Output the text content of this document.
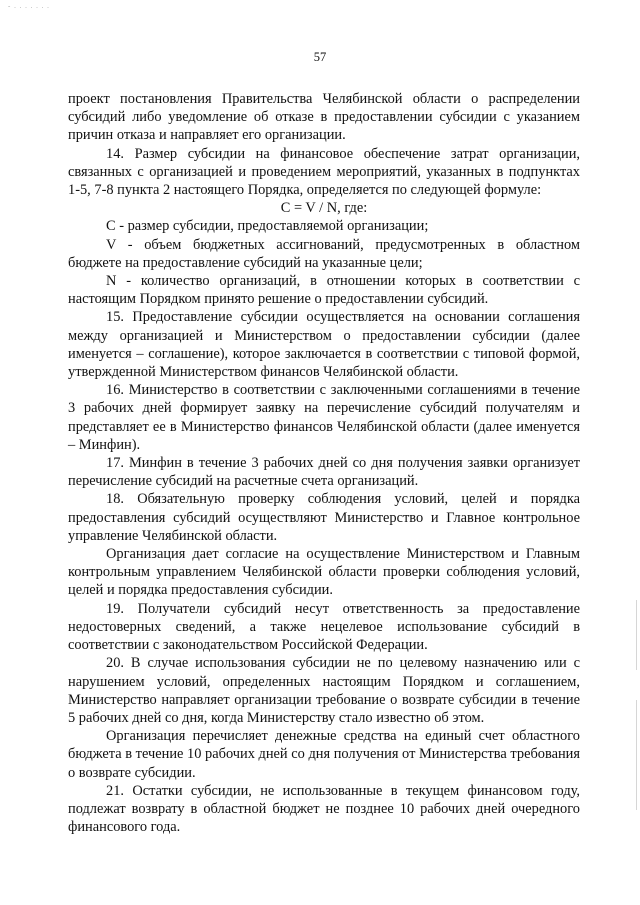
- . . . . . . .
57

проект постановления Правительства Челябинской области о распределении субсидий либо уведомление об отказе в предоставлении субсидии с указанием причин отказа и направляет его организации.

14. Размер субсидии на финансовое обеспечение затрат организации, связанных с организацией и проведением мероприятий, указанных в подпунктах 1-5, 7-8 пункта 2 настоящего Порядка, определяется по следующей формуле:

C = V / N, где:

C - размер субсидии, предоставляемой организации;

V - объем бюджетных ассигнований, предусмотренных в областном бюджете на предоставление субсидий на указанные цели;

N - количество организаций, в отношении которых в соответствии с настоящим Порядком принято решение о предоставлении субсидий.

15. Предоставление субсидии осуществляется на основании соглашения между организацией и Министерством о предоставлении субсидии (далее именуется – соглашение), которое заключается в соответствии с типовой формой, утвержденной Министерством финансов Челябинской области.

16. Министерство в соответствии с заключенными соглашениями в течение 3 рабочих дней формирует заявку на перечисление субсидий получателям и представляет ее в Министерство финансов Челябинской области (далее именуется – Минфин).

17. Минфин в течение 3 рабочих дней со дня получения заявки организует перечисление субсидий на расчетные счета организаций.

18. Обязательную проверку соблюдения условий, целей и порядка предоставления субсидий осуществляют Министерство и Главное контрольное управление Челябинской области.

Организация дает согласие на осуществление Министерством и Главным контрольным управлением Челябинской области проверки соблюдения условий, целей и порядка предоставления субсидии.

19. Получатели субсидий несут ответственность за предоставление недостоверных сведений, а также нецелевое использование субсидий в соответствии с законодательством Российской Федерации.

20. В случае использования субсидии не по целевому назначению или с нарушением условий, определенных настоящим Порядком и соглашением, Министерство направляет организации требование о возврате субсидии в течение 5 рабочих дней со дня, когда Министерству стало известно об этом.

Организация перечисляет денежные средства на единый счет областного бюджета в течение 10 рабочих дней со дня получения от Министерства требования о возврате субсидии.

21. Остатки субсидии, не использованные в текущем финансовом году, подлежат возврату в областной бюджет не позднее 10 рабочих дней очередного финансового года.
